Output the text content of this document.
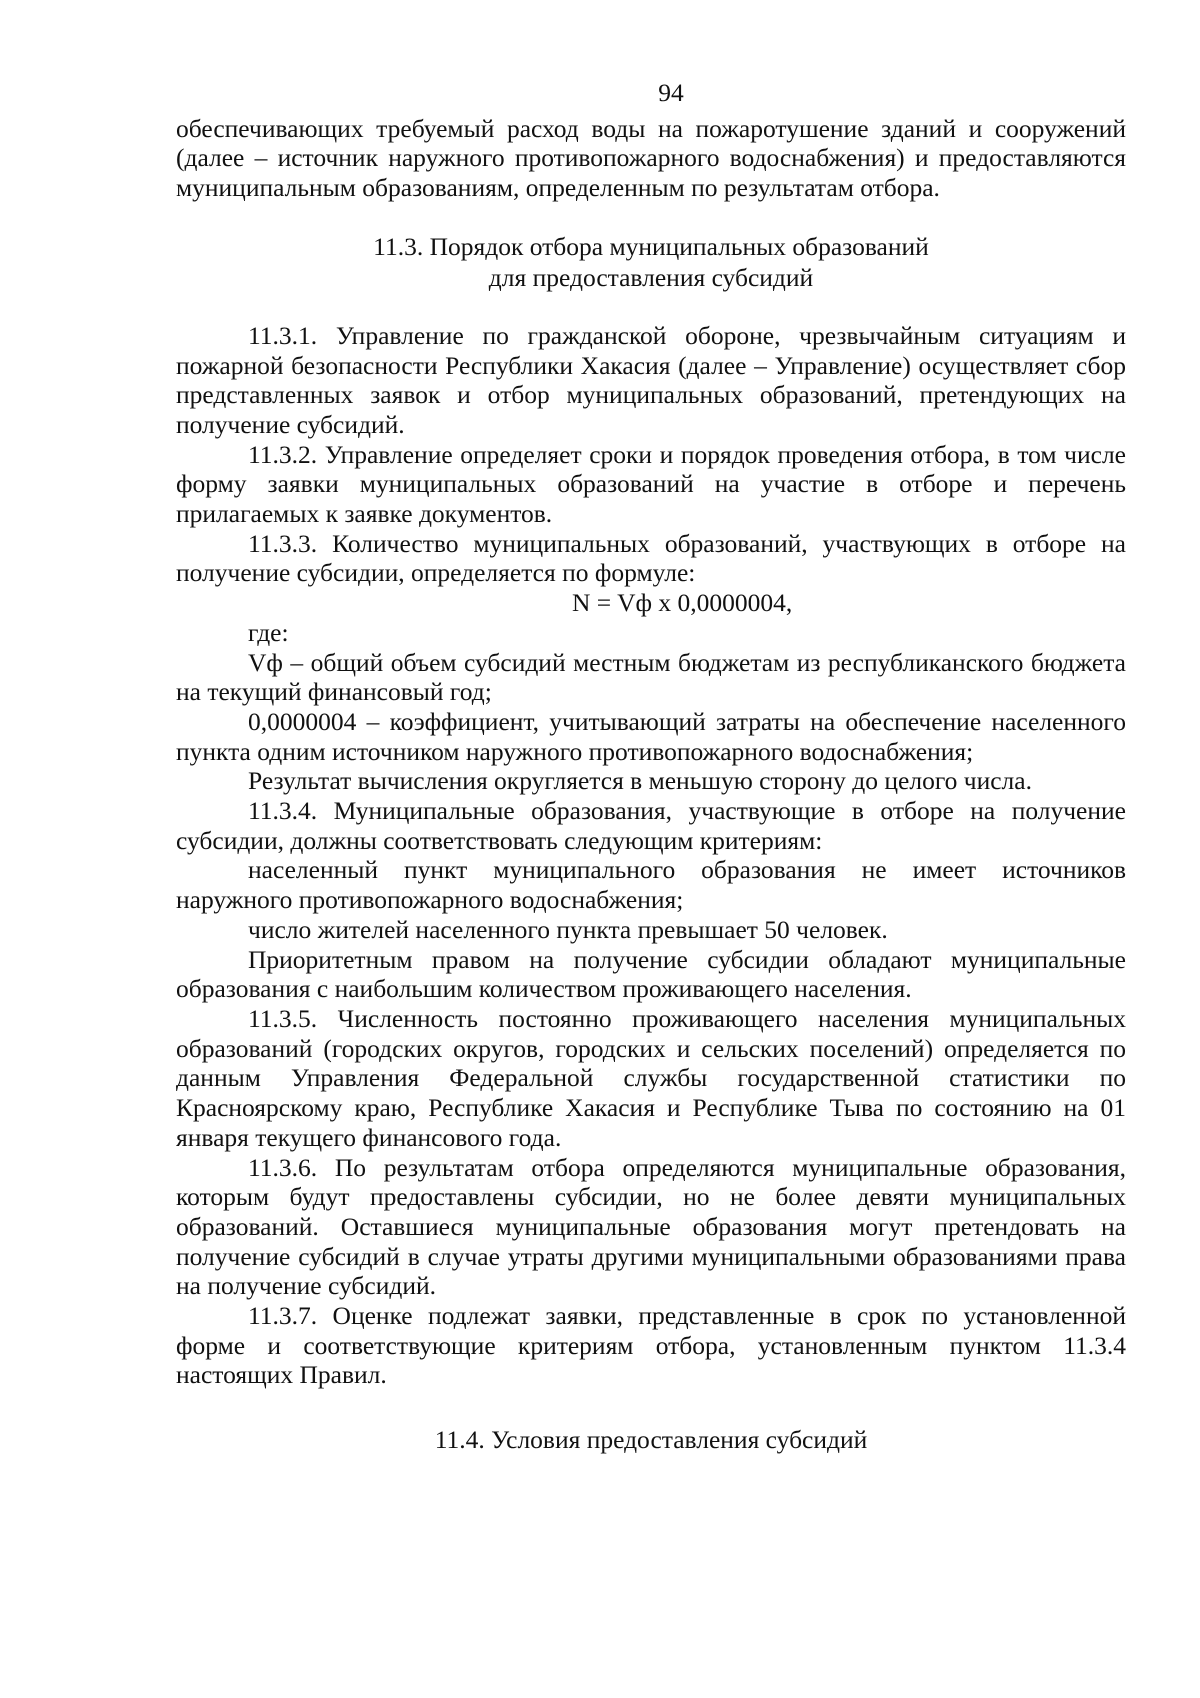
94

обеспечивающих требуемый расход воды на пожаротушение зданий и сооружений (далее – источник наружного противопожарного водоснабжения) и предоставляются муниципальным образованиям, определенным по результатам отбора.

11.3. Порядок отбора муниципальных образований
для предоставления субсидий

11.3.1. Управление по гражданской обороне, чрезвычайным ситуациям и пожарной безопасности Республики Хакасия (далее – Управление) осуществляет сбор представленных заявок и отбор муниципальных образований, претендующих на получение субсидий.

11.3.2. Управление определяет сроки и порядок проведения отбора, в том числе форму заявки муниципальных образований на участие в отборе и перечень прилагаемых к заявке документов.

11.3.3. Количество муниципальных образований, участвующих в отборе на получение субсидии, определяется по формуле:

N = Vф х 0,0000004,

где:

Vф – общий объем субсидий местным бюджетам из республиканского бюджета на текущий финансовый год;

0,0000004 – коэффициент, учитывающий затраты на обеспечение населенного пункта одним источником наружного противопожарного водоснабжения;

Результат вычисления округляется в меньшую сторону до целого числа.

11.3.4. Муниципальные образования, участвующие в отборе на получение субсидии, должны соответствовать следующим критериям:

населенный пункт муниципального образования не имеет источников наружного противопожарного водоснабжения;

число жителей населенного пункта превышает 50 человек.

Приоритетным правом на получение субсидии обладают муниципальные образования с наибольшим количеством проживающего населения.

11.3.5. Численность постоянно проживающего населения муниципальных образований (городских округов, городских и сельских поселений) определяется по данным Управления Федеральной службы государственной статистики по Красноярскому краю, Республике Хакасия и Республике Тыва по состоянию на 01 января текущего финансового года.

11.3.6. По результатам отбора определяются муниципальные образования, которым будут предоставлены субсидии, но не более девяти муниципальных образований. Оставшиеся муниципальные образования могут претендовать на получение субсидий в случае утраты другими муниципальными образованиями права на получение субсидий.

11.3.7. Оценке подлежат заявки, представленные в срок по установленной форме и соответствующие критериям отбора, установленным пунктом 11.3.4 настоящих Правил.

11.4. Условия предоставления субсидий
